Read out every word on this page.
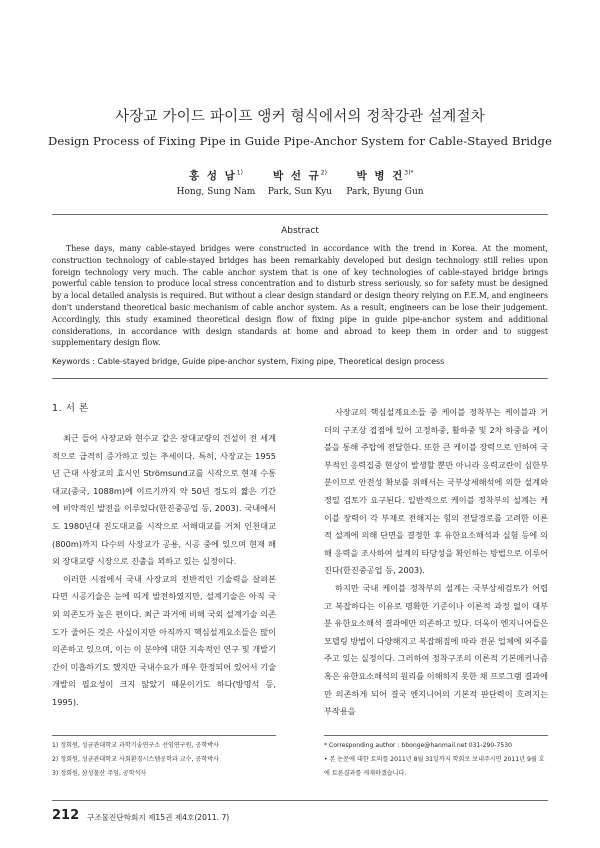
사장교 가이드 파이프 앵커 형식에서의 정착강관 설계절차
Design Process of Fixing Pipe in Guide Pipe-Anchor System for Cable-Stayed Bridge
홍 성 남$^{1)}$
Hong, Sung Nam
박 선 규$^{2)}$
Park, Sun Kyu
박 병 건$^{3)*}$
Park, Byung Gun
Abstract
These days, many cable-stayed bridges were constructed in accordance with the trend in Korea. At the moment, construction technology of cable-stayed bridges has been remarkably developed but design technology still relies upon foreign technology very much. The cable anchor system that is one of key technologies of cable-stayed bridge brings powerful cable tension to produce local stress concentration and to disturb stress seriously, so for safety must be designed by a local detailed analysis is required. But without a clear design standard or design theory relying on F.E.M, and engineers don't understand theoretical basic mechanism of cable anchor system. As a result, engineers can be lose their judgement. Accordingly, this study examined theoretical design flow of fixing pipe in guide pipe-anchor system and additional considerations, in accordance with design standards at home and abroad to keep them in order and to suggest supplementary design flow.
Keywords : Cable-stayed bridge, Guide pipe-anchor system, Fixing pipe, Theoretical design process
1. 서 론

최근 들어 사장교와 현수교 같은 장대교량의 건설이 전 세계적으로 급격히 증가하고 있는 추세이다. 특히, 사장교는 1955년 근대 사장교의 효시인 Strömsund교를 시작으로 현재 수통대교(중국, 1088m)에 이르기까지 약 50년 정도의 짧은 기간에 비약적인 발전을 이루었다(한진중공업 등, 2003). 국내에서도 1980년대 진도대교를 시작으로 서해대교를 거쳐 인천대교(800m)까지 다수의 사장교가 공용, 시공 중에 있으며 현재 해외 장대교량 시장으로 진출을 꾀하고 있는 실정이다.

이러한 시점에서 국내 사장교의 전반적인 기술력을 살펴본다면 시공기술은 눈에 띄게 발전하였지만, 설계기술은 아직 국외 의존도가 높은 편이다. 최근 과거에 비해 국외 설계기술 의존도가 줄어든 것은 사실이지만 아직까지 핵심설계요소들은 많이 의존하고 있으며, 이는 이 분야에 대한 지속적인 연구 및 개발기간이 미흡하기도 했지만 국내수요가 매우 한정되어 있어서 기술개발의 필요성이 크지 않았기 때문이기도 하다(방명석 등, 1995).

사장교의 핵심설계요소들 중 케이블 정착부는 케이블과 거더의 구조상 접점에 있어 고정하중, 활하중 및 2차 하중을 케이블을 통해 주탑에 전달한다. 또한 큰 케이블 장력으로 인하여 국부적인 응력집중 현상이 발생할 뿐만 아니라 응력교란이 심한부분이므로 안전성 확보를 위해서는 국부상세해석에 의한 설계와 정밀 검토가 요구된다. 일반적으로 케이블 정착부의 설계는 케이블 장력이 각 부재로 전해지는 힘의 전달경로를 고려한 이론적 설계에 의해 단면을 결정한 후 유한요소해석과 실험 등에 의해 응력을 조사하여 설계의 타당성을 확인하는 방법으로 이루어진다(한진중공업 등, 2003).

하지만 국내 케이블 정착부의 설계는 국부상세검토가 어렵고 복잡하다는 이유로 명확한 기준이나 이론적 과정 없이 대부분 유한요소해석 결과에만 의존하고 있다. 더욱이 엔지니어들은 모델링 방법이 다양해지고 복잡해짐에 따라 전문 업체에 외주를 주고 있는 실정이다. 그러하여 정착구조의 이론적 기본메커니즘 혹은 유한요소해석의 원리를 이해하지 못한 채 프로그램 결과에만 의존하게 되어 결국 엔지니어의 기본적 판단력이 흐려지는 부작용을

1) 정회원, 성균관대학교 과학기술연구소 선임연구원, 공학박사

2) 정회원, 성균관대학교 사회환경시스템공학과 교수, 공학박사

3) 정회원, 삼성물산 주임, 공학석사

* Corresponding author : bbonge@hanmail.net 031-290-7530

• 본 논문에 대한 토의를 2011년 8월 31일까지 학회로 보내주시면 2011년 9월 호에 토론결과를 게재하겠습니다.

212 구조물진단학회지 제15권 제4호(2011. 7)
